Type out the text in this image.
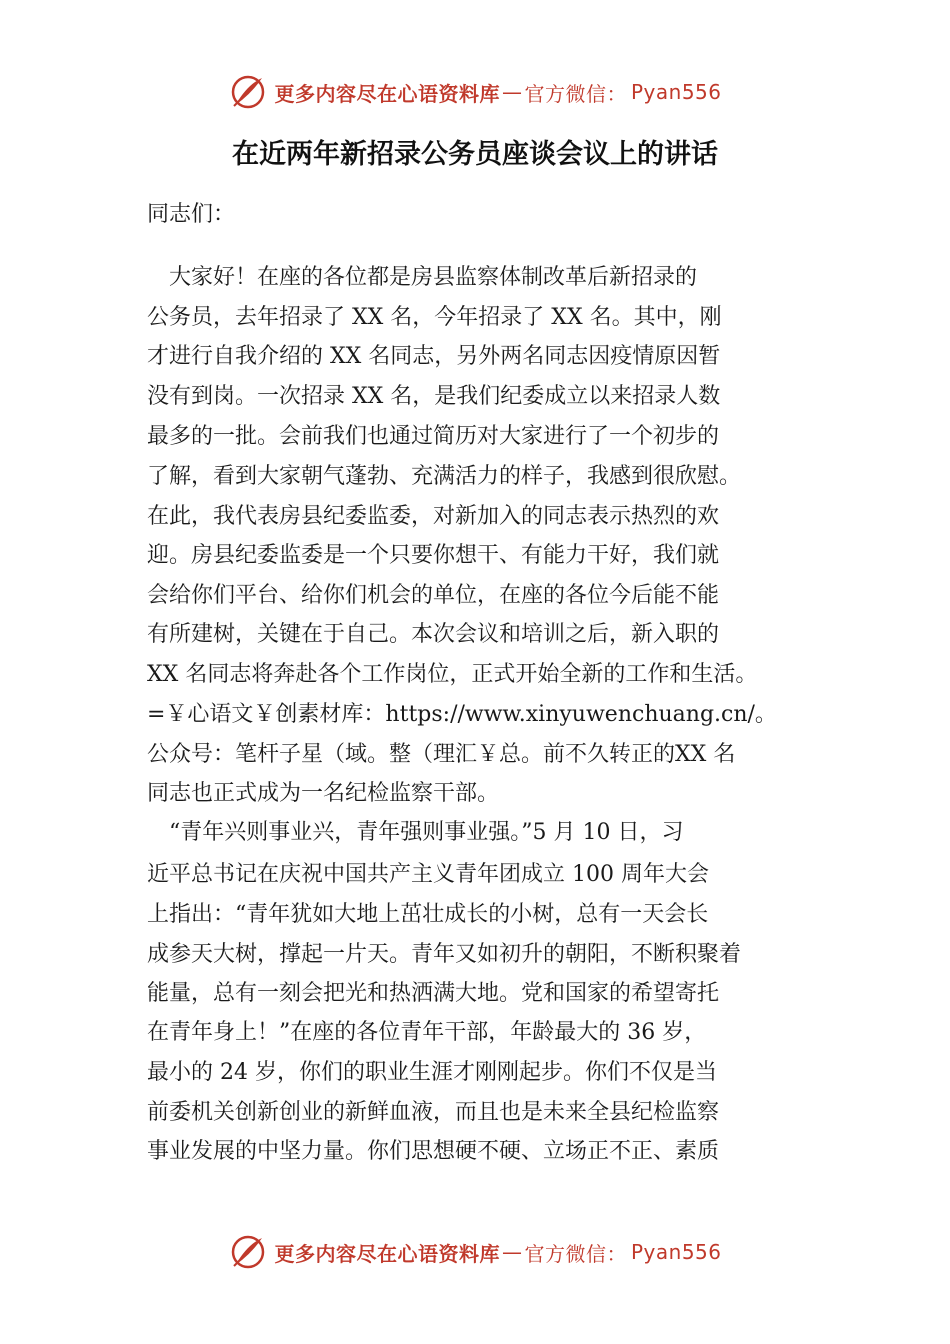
更多内容尽在心语资料库 — 官方微信： Pyan556
在近两年新招录公务员座谈会议上的讲话
同志们：
　大家好！在座的各位都是房县监察体制改革后新招录的
公务员，去年招录了 XX 名，今年招录了 XX 名。其中，刚
才进行自我介绍的 XX 名同志，另外两名同志因疫情原因暂
没有到岗。一次招录 XX 名，是我们纪委成立以来招录人数
最多的一批。会前我们也通过简历对大家进行了一个初步的
了解，看到大家朝气蓬勃、充满活力的样子，我感到很欣慰。
在此，我代表房县纪委监委，对新加入的同志表示热烈的欢
迎。房县纪委监委是一个只要你想干、有能力干好，我们就
会给你们平台、给你们机会的单位，在座的各位今后能不能
有所建树，关键在于自己。本次会议和培训之后，新入职的
XX 名同志将奔赴各个工作岗位，正式开始全新的工作和生活。
=￥心语文￥创素材库：https://www.xinyuwenchuang.cn/。
公众号：笔杆子星（域。整（理汇￥总。前不久转正的XX 名
同志也正式成为一名纪检监察干部。
　“青年兴则事业兴，青年强则事业强。”5 月 10 日，习
近平总书记在庆祝中国共产主义青年团成立 100 周年大会
上指出：“青年犹如大地上茁壮成长的小树，总有一天会长
成参天大树，撑起一片天。青年又如初升的朝阳，不断积聚着
能量，总有一刻会把光和热洒满大地。党和国家的希望寄托
在青年身上！”在座的各位青年干部，年龄最大的 36 岁，
最小的 24 岁，你们的职业生涯才刚刚起步。你们不仅是当
前委机关创新创业的新鲜血液，而且也是未来全县纪检监察
事业发展的中坚力量。你们思想硬不硬、立场正不正、素质
更多内容尽在心语资料库 — 官方微信： Pyan556
